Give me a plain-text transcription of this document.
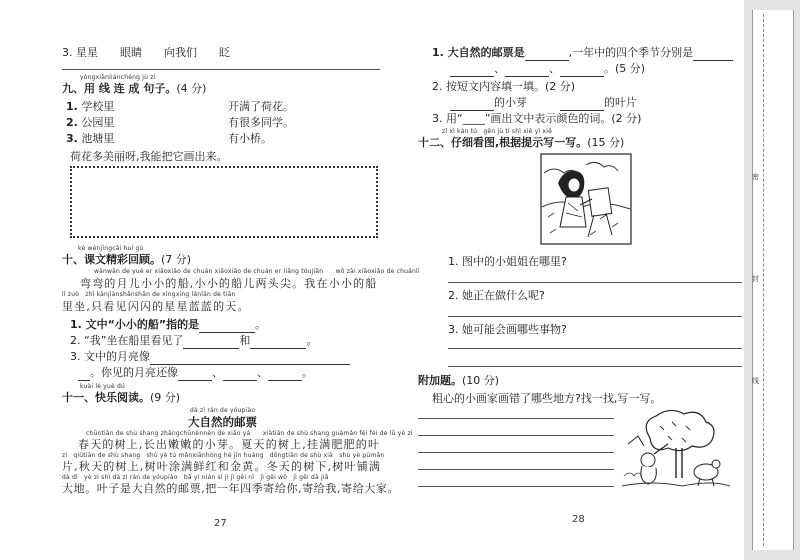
3. 星星　　眼睛　　向我们　　眨
yòngxiànliánchéng jù zi
九、用 线 连 成 句子。(4 分)
1. 学校里	开满了荷花。
2. 公园里	有很多同学。
3. 池塘里	有小桥。
荷花多美丽呀,我能把它画出来。
kè wénjīngcǎi huí gù
十、课文精彩回顾。(7 分)
wānwān de yuè er xiǎoxiǎo de chuán xiǎoxiǎo de chuán er liǎng tóujiān　　wǒ zài xiǎoxiǎo de chuánli
弯弯的月儿小小的船,小小的船儿两头尖。我在小小的船
lǐ zuò　zhǐ kànjiànshǎnshǎn de xīngxing lánlán de tiān
里坐,只看见闪闪的星星蓝蓝的天。
1. 文中“小小的船”指的是	。
2. “我”坐在船里看见了	和	。
3. 文中的月亮像
。你见的月亮还像	、	、	。
kuài lè yuè dú
十一、快乐阅读。(9 分)
dà zì rán de yóupiào
大自然的邮票
chūntiān de shù shang zhǎngchūnènnèn de xiǎo yá　　xiàtiān de shù shang guàmǎn féi féi de lǜ yè zi
春天的树上,长出嫩嫩的小芽。夏天的树上,挂满肥肥的叶
zi　qiūtiān de shù shang　shù yè tú mǎnxiānhóng hé jīn huáng　dōngtiān de shù xià　shù yè pūmǎn
片,秋天的树上,树叶涂满鲜红和金黄。冬天的树下,树叶铺满
dà dì　yè zi shì dà zì rán de yóupiào　bǎ yì nián sì jì jì gěi nǐ　jì gěi wǒ　jì gěi dà jiā
大地。叶子是大自然的邮票,把一年四季寄给你,寄给我,寄给大家。
27
1. 大自然的邮票是	,一年中的四个季节分别是
、	、	。(5 分)
2. 按短文内容填一填。(2 分)
的小芽　　　	的叶片
3. 用“____”画出文中表示颜色的词。(2 分)
zǐ xì kàn tú　gēn jù tí shì xiě yì xiě
十二、仔细看图,根据提示写一写。(15 分)
1. 图中的小姐姐在哪里?
2. 她正在做什么呢?
3. 她可能会画哪些事物?
附加题。(10 分)
粗心的小画家画错了哪些地方?找一找,写一写。
28
密
封
线
